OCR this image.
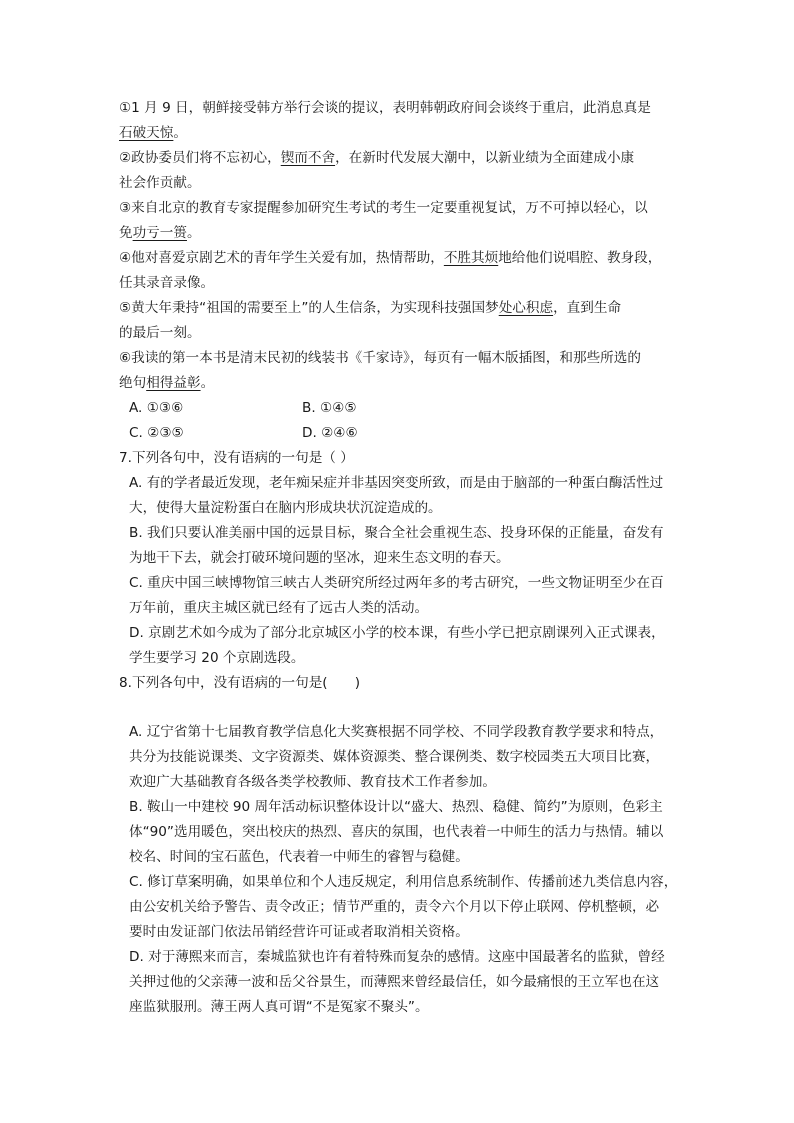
①1 月 9 日，朝鲜接受韩方举行会谈的提议，表明韩朝政府间会谈终于重启，此消息真是
石破天惊。
②政协委员们将不忘初心，锲而不舍，在新时代发展大潮中，以新业绩为全面建成小康
社会作贡献。
③来自北京的教育专家提醒参加研究生考试的考生一定要重视复试，万不可掉以轻心，以
免功亏一篑。
④他对喜爱京剧艺术的青年学生关爱有加，热情帮助，不胜其烦地给他们说唱腔、教身段，
任其录音录像。
⑤黄大年秉持“祖国的需要至上”的人生信条，为实现科技强国梦处心积虑，直到生命
的最后一刻。
⑥我读的第一本书是清末民初的线装书《千家诗》，每页有一幅木版插图，和那些所选的
绝句相得益彰。
A. ①③⑥	B. ①④⑤
C. ②③⑤	D. ②④⑥
7.下列各句中，没有语病的一句是（ ）
A. 有的学者最近发现，老年痴呆症并非基因突变所致，而是由于脑部的一种蛋白酶活性过
大，使得大量淀粉蛋白在脑内形成块状沉淀造成的。
B. 我们只要认准美丽中国的远景目标，聚合全社会重视生态、投身环保的正能量，奋发有
为地干下去，就会打破环境问题的坚冰，迎来生态文明的春天。
C. 重庆中国三峡博物馆三峡古人类研究所经过两年多的考古研究，一些文物证明至少在百
万年前，重庆主城区就已经有了远古人类的活动。
D. 京剧艺术如今成为了部分北京城区小学的校本课，有些小学已把京剧课列入正式课表，
学生要学习 20 个京剧选段。
8.下列各句中，没有语病的一句是(　　)
A. 辽宁省第十七届教育教学信息化大奖赛根据不同学校、不同学段教育教学要求和特点，
共分为技能说课类、文字资源类、媒体资源类、整合课例类、数字校园类五大项目比赛，
欢迎广大基础教育各级各类学校教师、教育技术工作者参加。
B. 鞍山一中建校 90 周年活动标识整体设计以“盛大、热烈、稳健、简约”为原则，色彩主
体“90”选用暖色，突出校庆的热烈、喜庆的氛围，也代表着一中师生的活力与热情。辅以
校名、时间的宝石蓝色，代表着一中师生的睿智与稳健。
C. 修订草案明确，如果单位和个人违反规定，利用信息系统制作、传播前述九类信息内容，
由公安机关给予警告、责令改正；情节严重的，责令六个月以下停止联网、停机整顿，必
要时由发证部门依法吊销经营许可证或者取消相关资格。
D. 对于薄熙来而言，秦城监狱也许有着特殊而复杂的感情。这座中国最著名的监狱，曾经
关押过他的父亲薄一波和岳父谷景生，而薄熙来曾经最信任，如今最痛恨的王立军也在这
座监狱服刑。薄王两人真可谓“不是冤家不聚头”。
